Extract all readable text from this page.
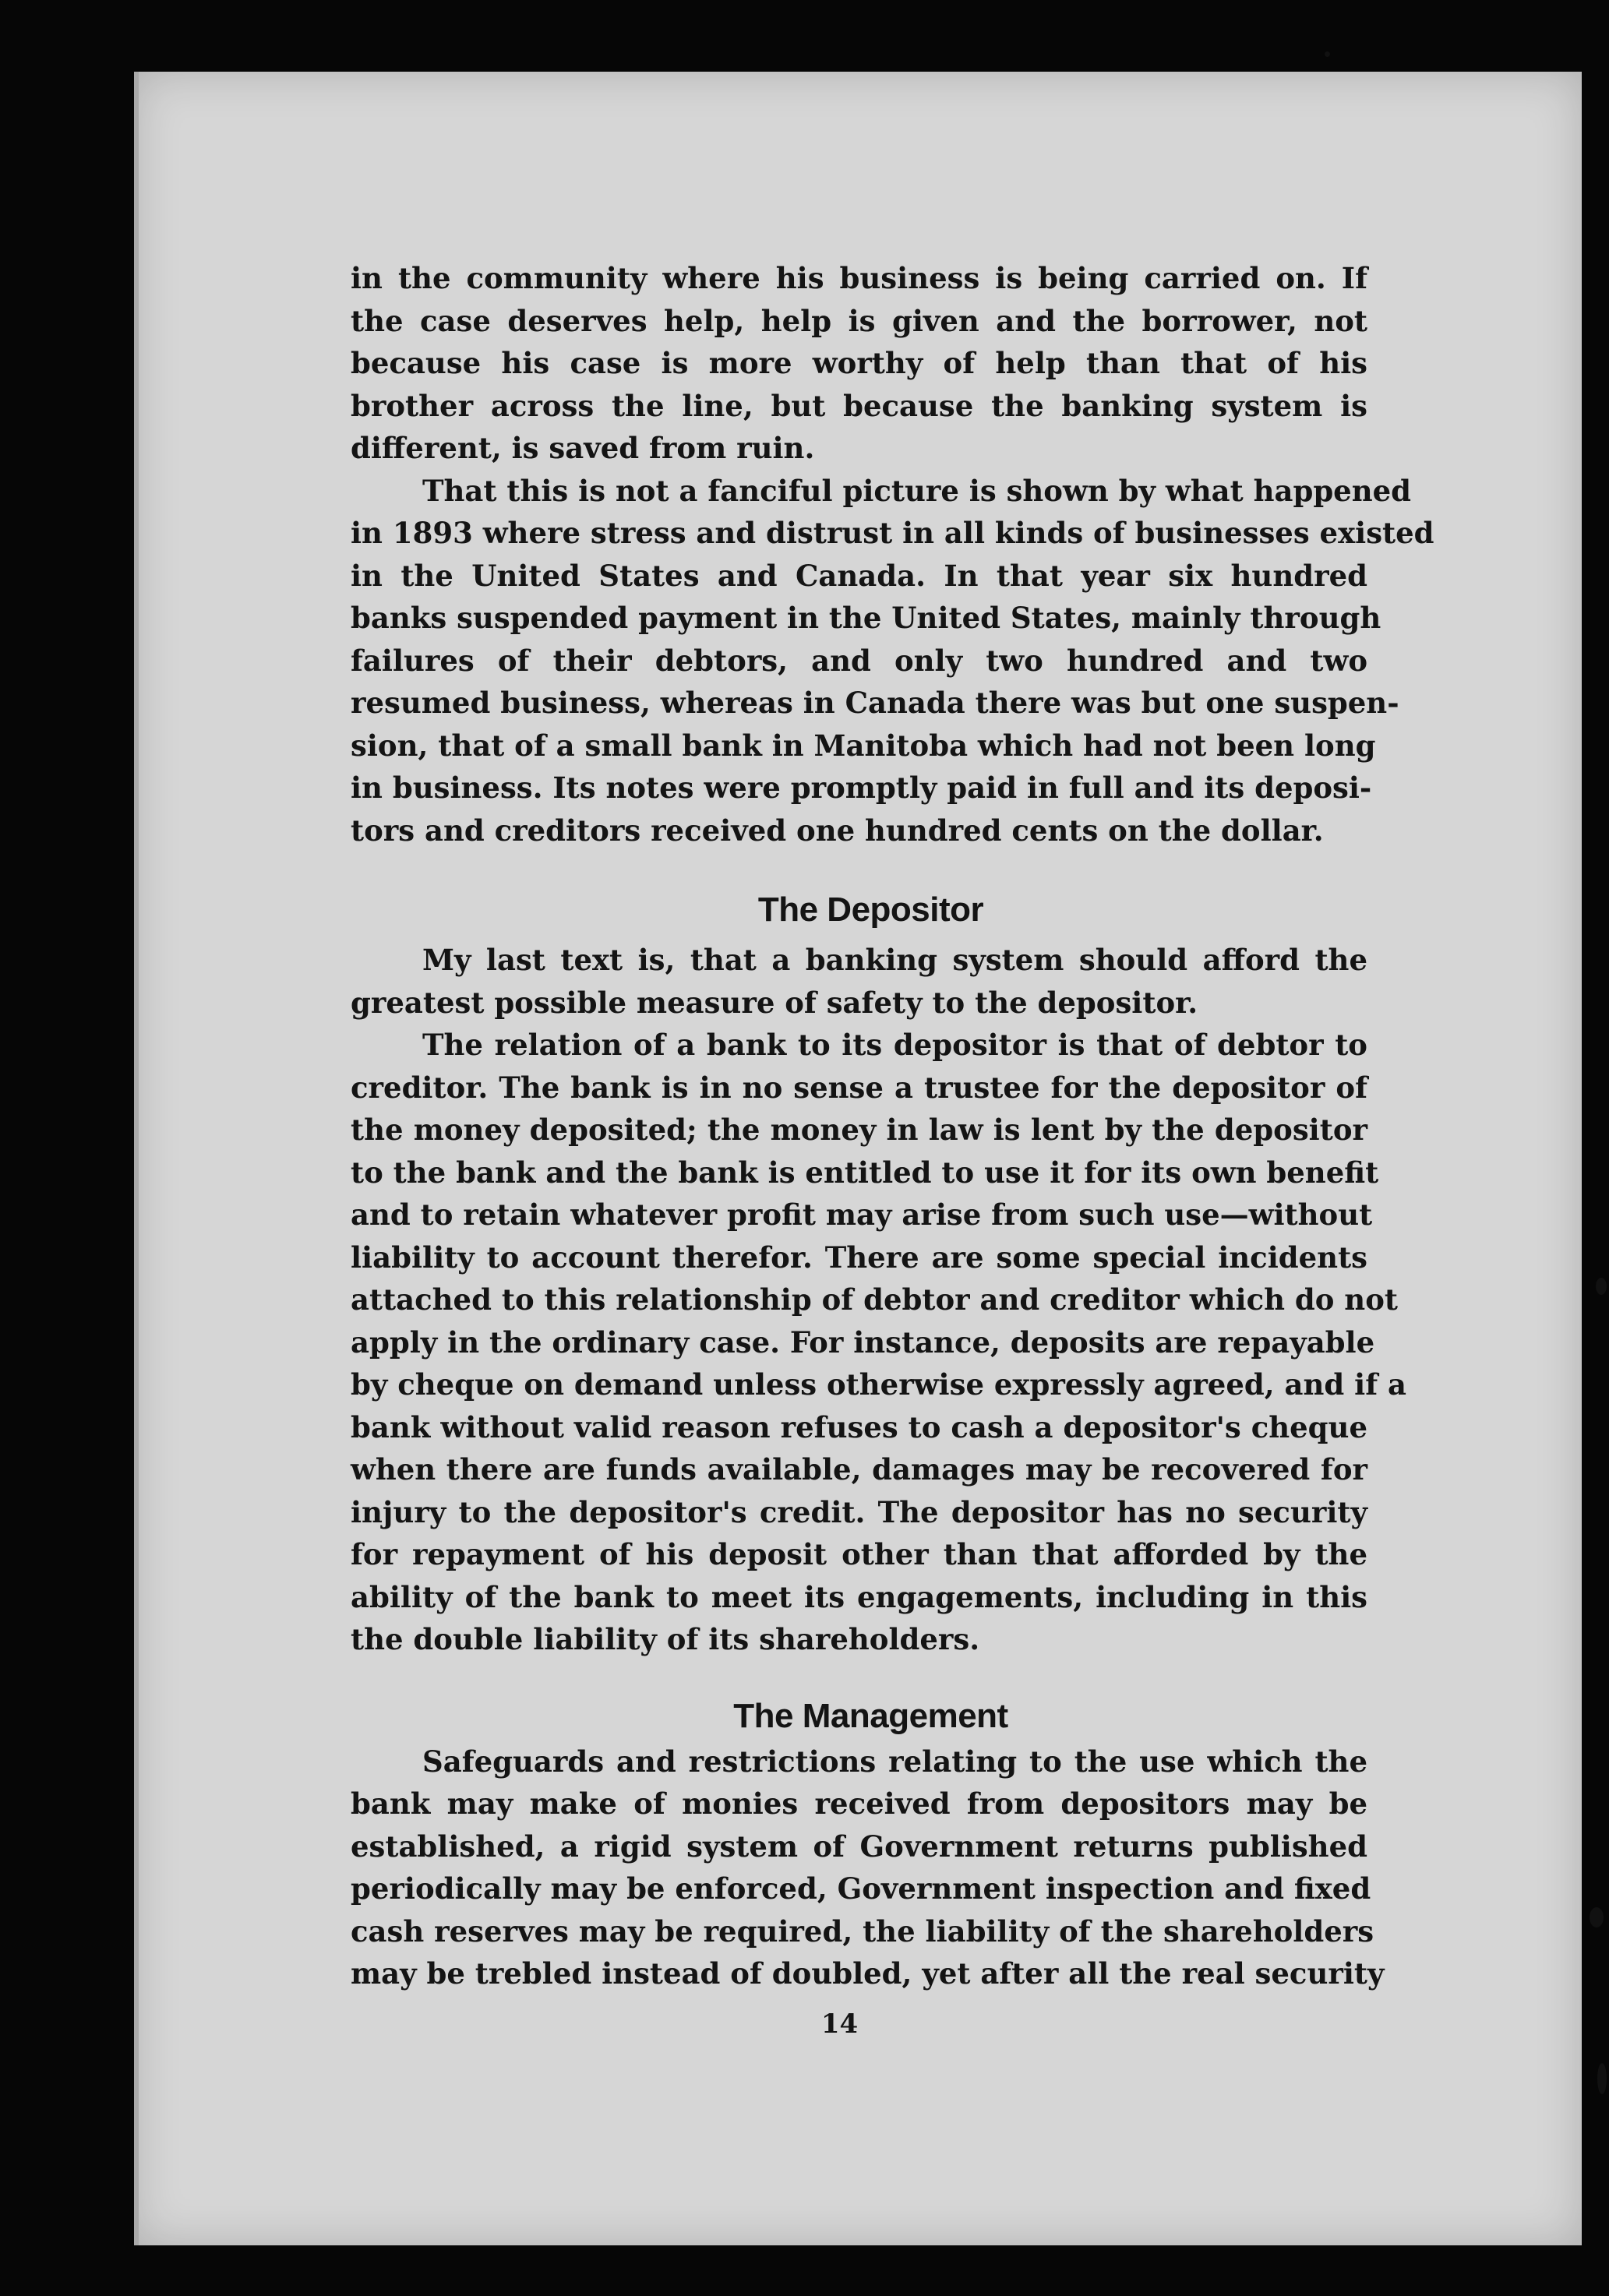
in the community where his business is being carried on. If
the case deserves help, help is given and the borrower, not
because his case is more worthy of help than that of his
brother across the line, but because the banking system is
different, is saved from ruin.

That this is not a fanciful picture is shown by what happened
in 1893 where stress and distrust in all kinds of businesses existed
in the United States and Canada. In that year six hundred
banks suspended payment in the United States, mainly through
failures of their debtors, and only two hundred and two
resumed business, whereas in Canada there was but one suspen-
sion, that of a small bank in Manitoba which had not been long
in business. Its notes were promptly paid in full and its deposi-
tors and creditors received one hundred cents on the dollar.

The Depositor

My last text is, that a banking system should afford the
greatest possible measure of safety to the depositor.

The relation of a bank to its depositor is that of debtor to
creditor. The bank is in no sense a trustee for the depositor of
the money deposited; the money in law is lent by the depositor
to the bank and the bank is entitled to use it for its own benefit
and to retain whatever profit may arise from such use—without
liability to account therefor. There are some special incidents
attached to this relationship of debtor and creditor which do not
apply in the ordinary case. For instance, deposits are repayable
by cheque on demand unless otherwise expressly agreed, and if a
bank without valid reason refuses to cash a depositor's cheque
when there are funds available, damages may be recovered for
injury to the depositor's credit. The depositor has no security
for repayment of his deposit other than that afforded by the
ability of the bank to meet its engagements, including in this
the double liability of its shareholders.

The Management

Safeguards and restrictions relating to the use which the
bank may make of monies received from depositors may be
established, a rigid system of Government returns published
periodically may be enforced, Government inspection and fixed
cash reserves may be required, the liability of the shareholders
may be trebled instead of doubled, yet after all the real security

14
